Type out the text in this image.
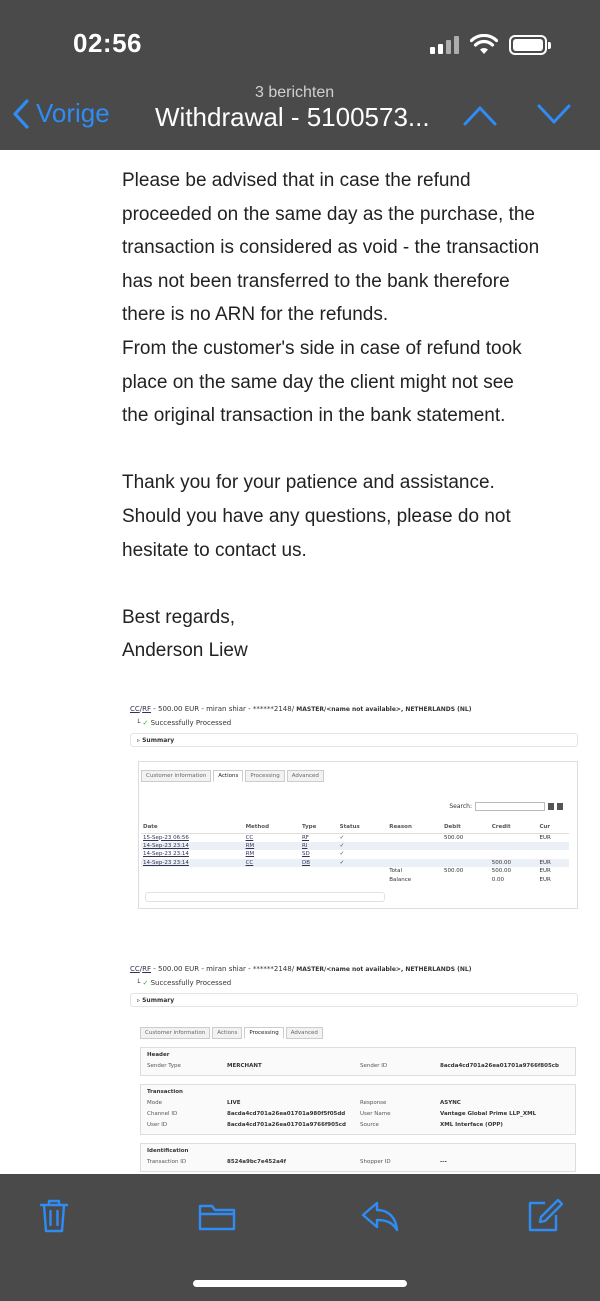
02:56
Vorige
3 berichten
Withdrawal - 5100573...

Please be advised that in case the refund

proceeded on the same day as the purchase, the

transaction is considered as void - the transaction

has not been transferred to the bank therefore

there is no ARN for the refunds.

From the customer's side in case of refund took

place on the same day the client might not see

the original transaction in the bank statement.

Thank you for your patience and assistance.

Should you have any questions, please do not

hesitate to contact us.

Best regards,

Anderson Liew

CC/RF - 500.00 EUR - miran shiar - ******2148/ MASTER/<name not available>, NETHERLANDS (NL)
└ ✓ Successfully Processed
▹ Summary
Customer information	Actions	Processing	Advanced
Search:
Date	Method	Type	Status	Reason	Debit	Credit	Cur
15-Sep-23 06:56	CC	RF	✓		500.00		EUR
14-Sep-23 23:14	RM	RI	✓				
14-Sep-23 23:14	RM	SD	✓				
14-Sep-23 23:14	CC	DB	✓			500.00	EUR
				Total	500.00	500.00	EUR
				Balance		0.00	EUR
CC/RF - 500.00 EUR - miran shiar - ******2148/ MASTER/<name not available>, NETHERLANDS (NL)
└ ✓ Successfully Processed
▹ Summary
Customer information	Actions	Processing	Advanced
Header
Sender Type	MERCHANT	Sender ID	8acda4cd701a26ea01701a9766f805cb
Transaction
Mode	LIVE	Response	ASYNC
Channel ID	8acda4cd701a26ea01701a980f5f05dd	User Name	Vantage Global Prime LLP_XML
User ID	8acda4cd701a26ea01701a9766f905cd	Source	XML Interface (OPP)
Identification
Transaction ID	8524a9bc7e452a4f	Shopper ID	---
